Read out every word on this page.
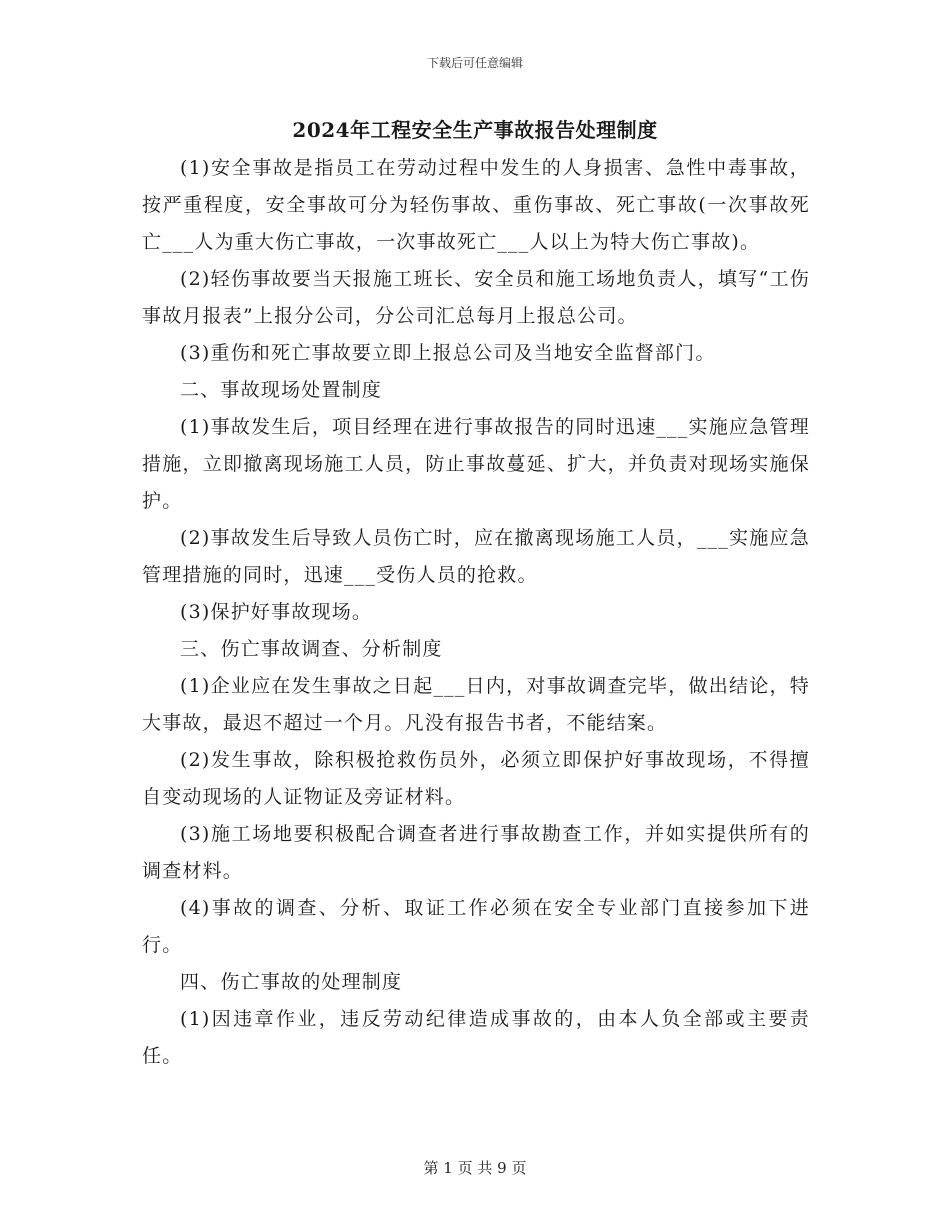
下载后可任意编辑
2024年工程安全生产事故报告处理制度

(1)安全事故是指员工在劳动过程中发生的人身损害、急性中毒事故，按严重程度，安全事故可分为轻伤事故、重伤事故、死亡事故(一次事故死亡___人为重大伤亡事故，一次事故死亡___人以上为特大伤亡事故)。

(2)轻伤事故要当天报施工班长、安全员和施工场地负责人，填写“工伤事故月报表”上报分公司，分公司汇总每月上报总公司。

(3)重伤和死亡事故要立即上报总公司及当地安全监督部门。

二、事故现场处置制度

(1)事故发生后，项目经理在进行事故报告的同时迅速___实施应急管理措施，立即撤离现场施工人员，防止事故蔓延、扩大，并负责对现场实施保护。

(2)事故发生后导致人员伤亡时，应在撤离现场施工人员，___实施应急管理措施的同时，迅速___受伤人员的抢救。

(3)保护好事故现场。

三、伤亡事故调查、分析制度

(1)企业应在发生事故之日起___日内，对事故调查完毕，做出结论，特大事故，最迟不超过一个月。凡没有报告书者，不能结案。

(2)发生事故，除积极抢救伤员外，必须立即保护好事故现场，不得擅自变动现场的人证物证及旁证材料。

(3)施工场地要积极配合调查者进行事故勘查工作，并如实提供所有的调查材料。

(4)事故的调查、分析、取证工作必须在安全专业部门直接参加下进行。

四、伤亡事故的处理制度

(1)因违章作业，违反劳动纪律造成事故的，由本人负全部或主要责任。

第 1 页 共 9 页
